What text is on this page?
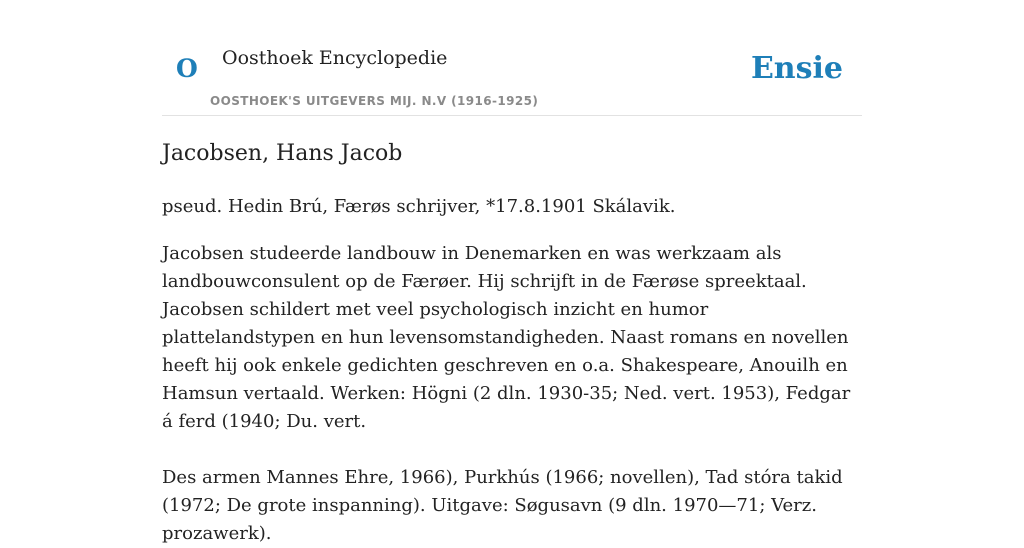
O Oosthoek Encyclopedie
OOSTHOEK'S UITGEVERS MIJ. N.V (1916-1925)
Ensie
Jacobsen, Hans Jacob

pseud. Hedin Brú, Færøs schrijver, *17.8.1901 Skálavik.

Jacobsen studeerde landbouw in Denemarken en was werkzaam als landbouwconsulent op de Færøer. Hij schrijft in de Færøse spreektaal. Jacobsen schildert met veel psychologisch inzicht en humor plattelandstypen en hun levensomstandigheden. Naast romans en novellen heeft hij ook enkele gedichten geschreven en o.a. Shakespeare, Anouilh en Hamsun vertaald. Werken: Högni (2 dln. 1930-35; Ned. vert. 1953), Fedgar á ferd (1940; Du. vert.

Des armen Mannes Ehre, 1966), Purkhús (1966; novellen), Tad stóra takid (1972; De grote inspanning). Uitgave: Søgusavn (9 dln. 1970—71; Verz. prozawerk).
